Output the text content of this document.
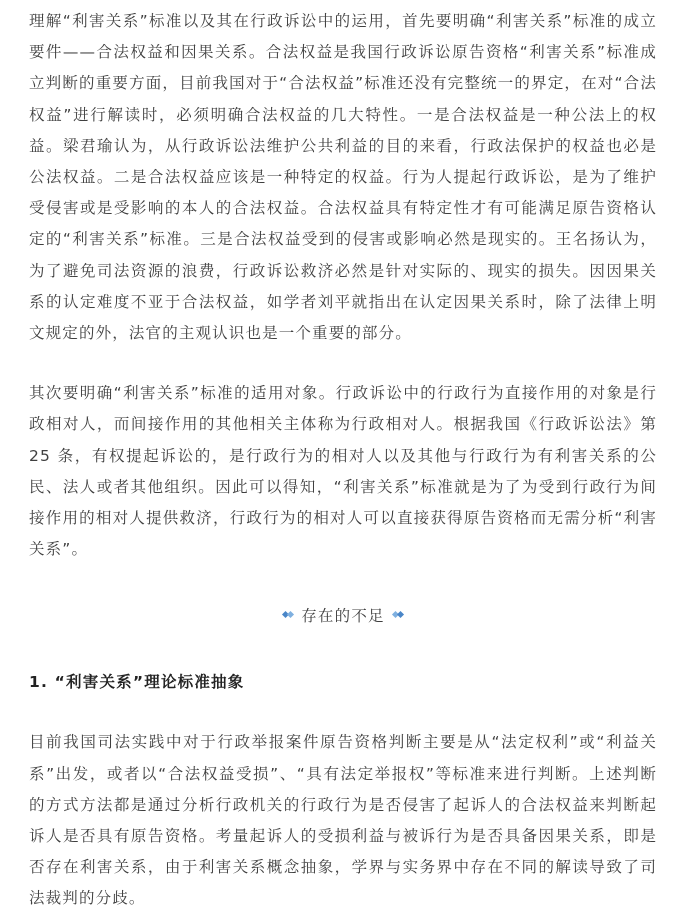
理解“利害关系”标准以及其在行政诉讼中的运用，首先要明确“利害关系”标准的成立要件——合法权益和因果关系。合法权益是我国行政诉讼原告资格“利害关系”标准成立判断的重要方面，目前我国对于“合法权益”标准还没有完整统一的界定，在对“合法权益”进行解读时，必须明确合法权益的几大特性。一是合法权益是一种公法上的权益。梁君瑜认为，从行政诉讼法维护公共利益的目的来看，行政法保护的权益也必是公法权益。二是合法权益应该是一种特定的权益。行为人提起行政诉讼，是为了维护受侵害或是受影响的本人的合法权益。合法权益具有特定性才有可能满足原告资格认定的“利害关系”标准。三是合法权益受到的侵害或影响必然是现实的。王名扬认为，为了避免司法资源的浪费，行政诉讼救济必然是针对实际的、现实的损失。因因果关系的认定难度不亚于合法权益，如学者刘平就指出在认定因果关系时，除了法律上明文规定的外，法官的主观认识也是一个重要的部分。

其次要明确“利害关系”标准的适用对象。行政诉讼中的行政行为直接作用的对象是行政相对人，而间接作用的其他相关主体称为行政相对人。根据我国《行政诉讼法》第 25 条，有权提起诉讼的，是行政行为的相对人以及其他与行政行为有利害关系的公民、法人或者其他组织。因此可以得知，“利害关系”标准就是为了为受到行政行为间接作用的相对人提供救济，行政行为的相对人可以直接获得原告资格而无需分析“利害关系”。

存在的不足
1. “利害关系”理论标准抽象

目前我国司法实践中对于行政举报案件原告资格判断主要是从“法定权利”或“利益关系”出发，或者以“合法权益受损”、“具有法定举报权”等标准来进行判断。上述判断的方式方法都是通过分析行政机关的行政行为是否侵害了起诉人的合法权益来判断起诉人是否具有原告资格。考量起诉人的受损利益与被诉行为是否具备因果关系，即是否存在利害关系，由于利害关系概念抽象，学界与实务界中存在不同的解读导致了司法裁判的分歧。
